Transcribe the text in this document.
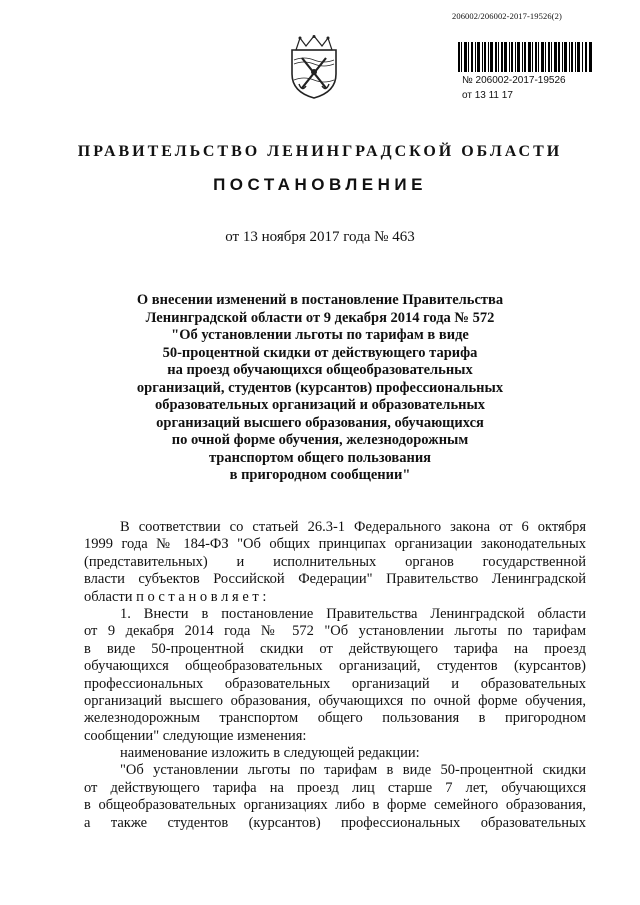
206002/206002-2017-19526(2)
№ 206002-2017-19526
от 13 11 17
ПРАВИТЕЛЬСТВО ЛЕНИНГРАДСКОЙ ОБЛАСТИ
ПОСТАНОВЛЕНИЕ
от 13 ноября 2017 года № 463
О внесении изменений в постановление Правительства
Ленинградской области от 9 декабря 2014 года № 572
"Об установлении льготы по тарифам в виде
50-процентной скидки от действующего тарифа
на проезд обучающихся общеобразовательных
организаций, студентов (курсантов) профессиональных
образовательных организаций и образовательных
организаций высшего образования, обучающихся
по очной форме обучения, железнодорожным
транспортом общего пользования
в пригородном сообщении"
В соответствии со статьей 26.3-1 Федерального закона от 6 октября
1999 года № 184-ФЗ "Об общих принципах организации законодательных
(представительных) и исполнительных органов государственной
власти субъектов Российской Федерации" Правительство Ленинградской
области п о с т а н о в л я е т :
1. Внести в постановление Правительства Ленинградской области
от 9 декабря 2014 года № 572 "Об установлении льготы по тарифам
в виде 50-процентной скидки от действующего тарифа на проезд
обучающихся общеобразовательных организаций, студентов (курсантов)
профессиональных образовательных организаций и образовательных
организаций высшего образования, обучающихся по очной форме обучения,
железнодорожным транспортом общего пользования в пригородном
сообщении" следующие изменения:
наименование изложить в следующей редакции:
"Об установлении льготы по тарифам в виде 50-процентной скидки
от действующего тарифа на проезд лиц старше 7 лет, обучающихся
в общеобразовательных организациях либо в форме семейного образования,
а также студентов (курсантов) профессиональных образовательных
